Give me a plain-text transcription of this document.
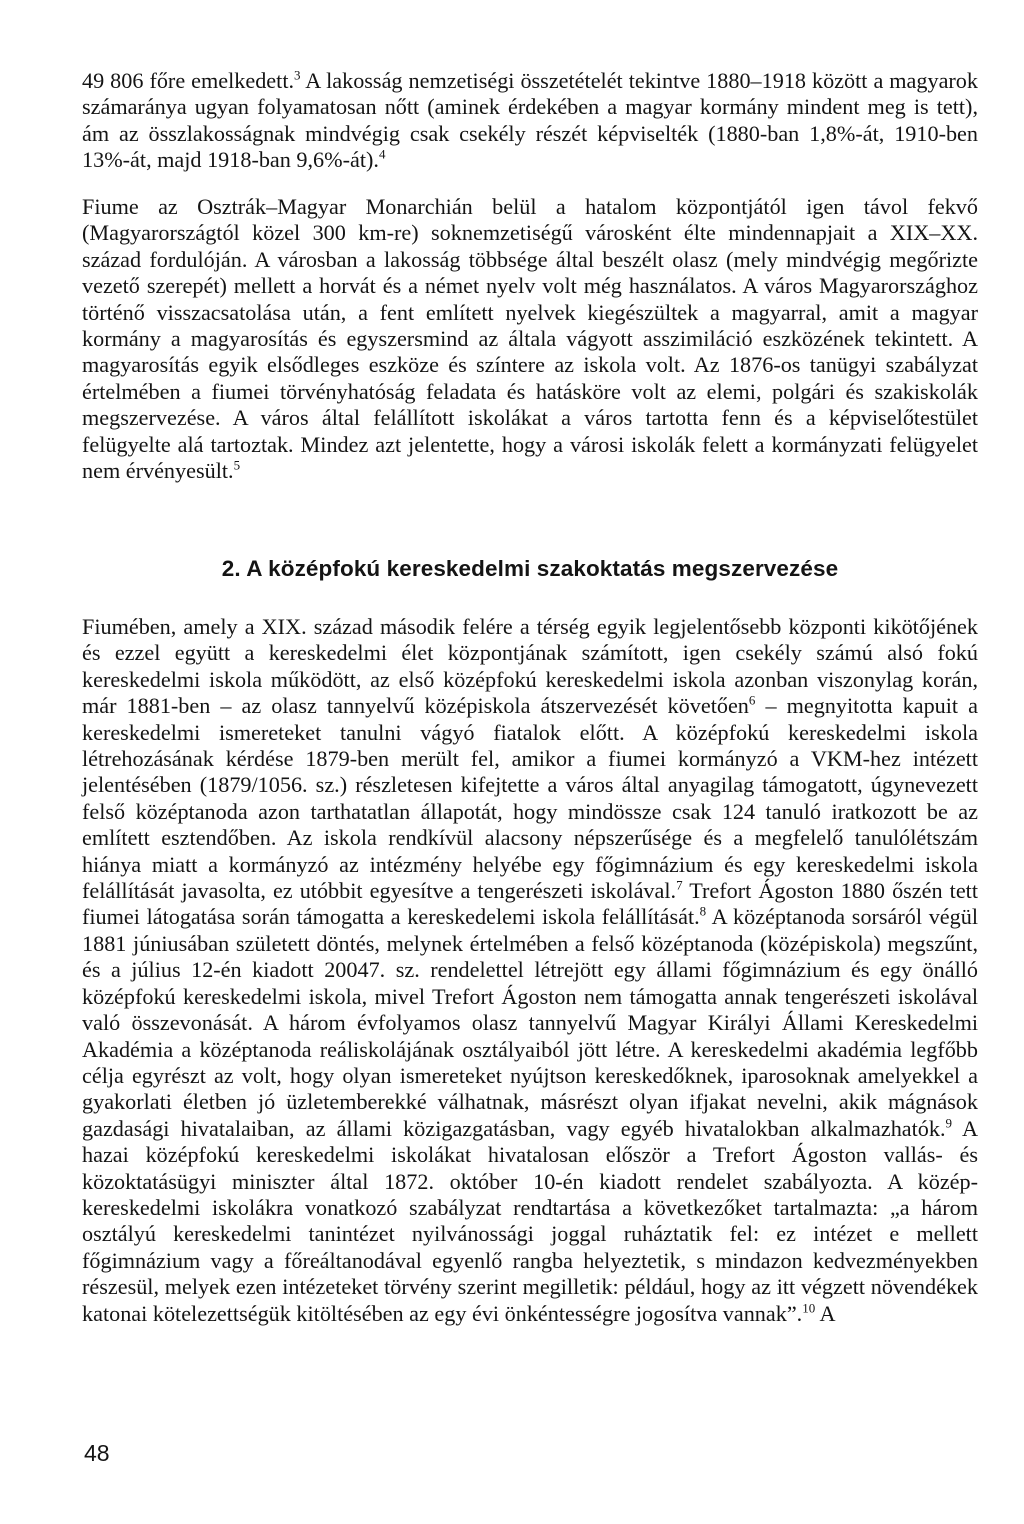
49 806 főre emelkedett.$^3$ A lakosság nemzetiségi összetételét tekintve 1880–1918 között a magyarok számaránya ugyan folyamatosan nőtt (aminek érdekében a magyar kormány mindent meg is tett), ám az összlakosságnak mindvégig csak csekély részét képviselték (1880-ban 1,8%-át, 1910-ben 13%-át, majd 1918-ban 9,6%-át).$^4$

Fiume az Osztrák–Magyar Monarchián belül a hatalom központjától igen távol fekvő (Magyarországtól közel 300 km-re) soknemzetiségű városként élte mindennapjait a XIX–XX. század fordulóján. A városban a lakosság többsége által beszélt olasz (mely mindvégig megőrizte vezető szerepét) mellett a horvát és a német nyelv volt még használatos. A város Magyarországhoz történő visszacsatolása után, a fent említett nyelvek kiegészültek a magyarral, amit a magyar kormány a magyarosítás és egyszersmind az általa vágyott asszimiláció eszközének tekintett. A magyarosítás egyik elsődleges eszköze és színtere az iskola volt. Az 1876-os tanügyi szabályzat értelmében a fiumei törvényhatóság feladata és hatásköre volt az elemi, polgári és szakiskolák megszervezése. A város által felállított iskolákat a város tartotta fenn és a képviselőtestület felügyelte alá tartoztak. Mindez azt jelentette, hogy a városi iskolák felett a kormányzati felügyelet nem érvényesült.$^5$

2. A középfokú kereskedelmi szakoktatás megszervezése

Fiumében, amely a XIX. század második felére a térség egyik legjelentősebb központi kikötőjének és ezzel együtt a kereskedelmi élet központjának számított, igen csekély számú alsó fokú kereskedelmi iskola működött, az első középfokú kereskedelmi iskola azonban viszonylag korán, már 1881-ben – az olasz tannyelvű középiskola átszervezését követően$^6$ – megnyitotta kapuit a kereskedelmi ismereteket tanulni vágyó fiatalok előtt. A középfokú kereskedelmi iskola létrehozásának kérdése 1879-ben merült fel, amikor a fiumei kormányzó a VKM-hez intézett jelentésében (1879/1056. sz.) részletesen kifejtette a város által anyagilag támogatott, úgynevezett felső középtanoda azon tarthatatlan állapotát, hogy mindössze csak 124 tanuló iratkozott be az említett esztendőben. Az iskola rendkívül alacsony népszerűsége és a megfelelő tanulólétszám hiánya miatt a kormányzó az intézmény helyébe egy főgimnázium és egy kereskedelmi iskola felállítását javasolta, ez utóbbit egyesítve a tengerészeti iskolával.$^7$ Trefort Ágoston 1880 őszén tett fiumei látogatása során támogatta a kereskedelemi iskola felállítását.$^8$ A középtanoda sorsáról végül 1881 júniusában született döntés, melynek értelmében a felső középtanoda (középiskola) megszűnt, és a július 12-én kiadott 20047. sz. rendelettel létrejött egy állami főgimnázium és egy önálló középfokú kereskedelmi iskola, mivel Trefort Ágoston nem támogatta annak tengerészeti iskolával való összevonását. A három évfolyamos olasz tannyelvű Magyar Királyi Állami Kereskedelmi Akadémia a középtanoda reáliskolájának osztályaiból jött létre. A kereskedelmi akadémia legfőbb célja egyrészt az volt, hogy olyan ismereteket nyújtson kereskedőknek, iparosoknak amelyekkel a gyakorlati életben jó üzletemberekké válhatnak, másrészt olyan ifjakat nevelni, akik mágnások gazdasági hivatalaiban, az állami közigazgatásban, vagy egyéb hivatalokban alkalmazhatók.$^9$ A hazai középfokú kereskedelmi iskolákat hivatalosan először a Trefort Ágoston vallás- és közoktatásügyi miniszter által 1872. október 10-én kiadott rendelet szabályozta. A közép-kereskedelmi iskolákra vonatkozó szabályzat rendtartása a következőket tartalmazta: „a három osztályú kereskedelmi tanintézet nyilvánossági joggal ruháztatik fel: ez intézet e mellett főgimnázium vagy a főreáltanodával egyenlő rangba helyeztetik, s mindazon kedvezményekben részesül, melyek ezen intézeteket törvény szerint megilletik: például, hogy az itt végzett növendékek katonai kötelezettségük kitöltésében az egy évi önkéntességre jogosítva vannak”.$^{10}$ A

48
